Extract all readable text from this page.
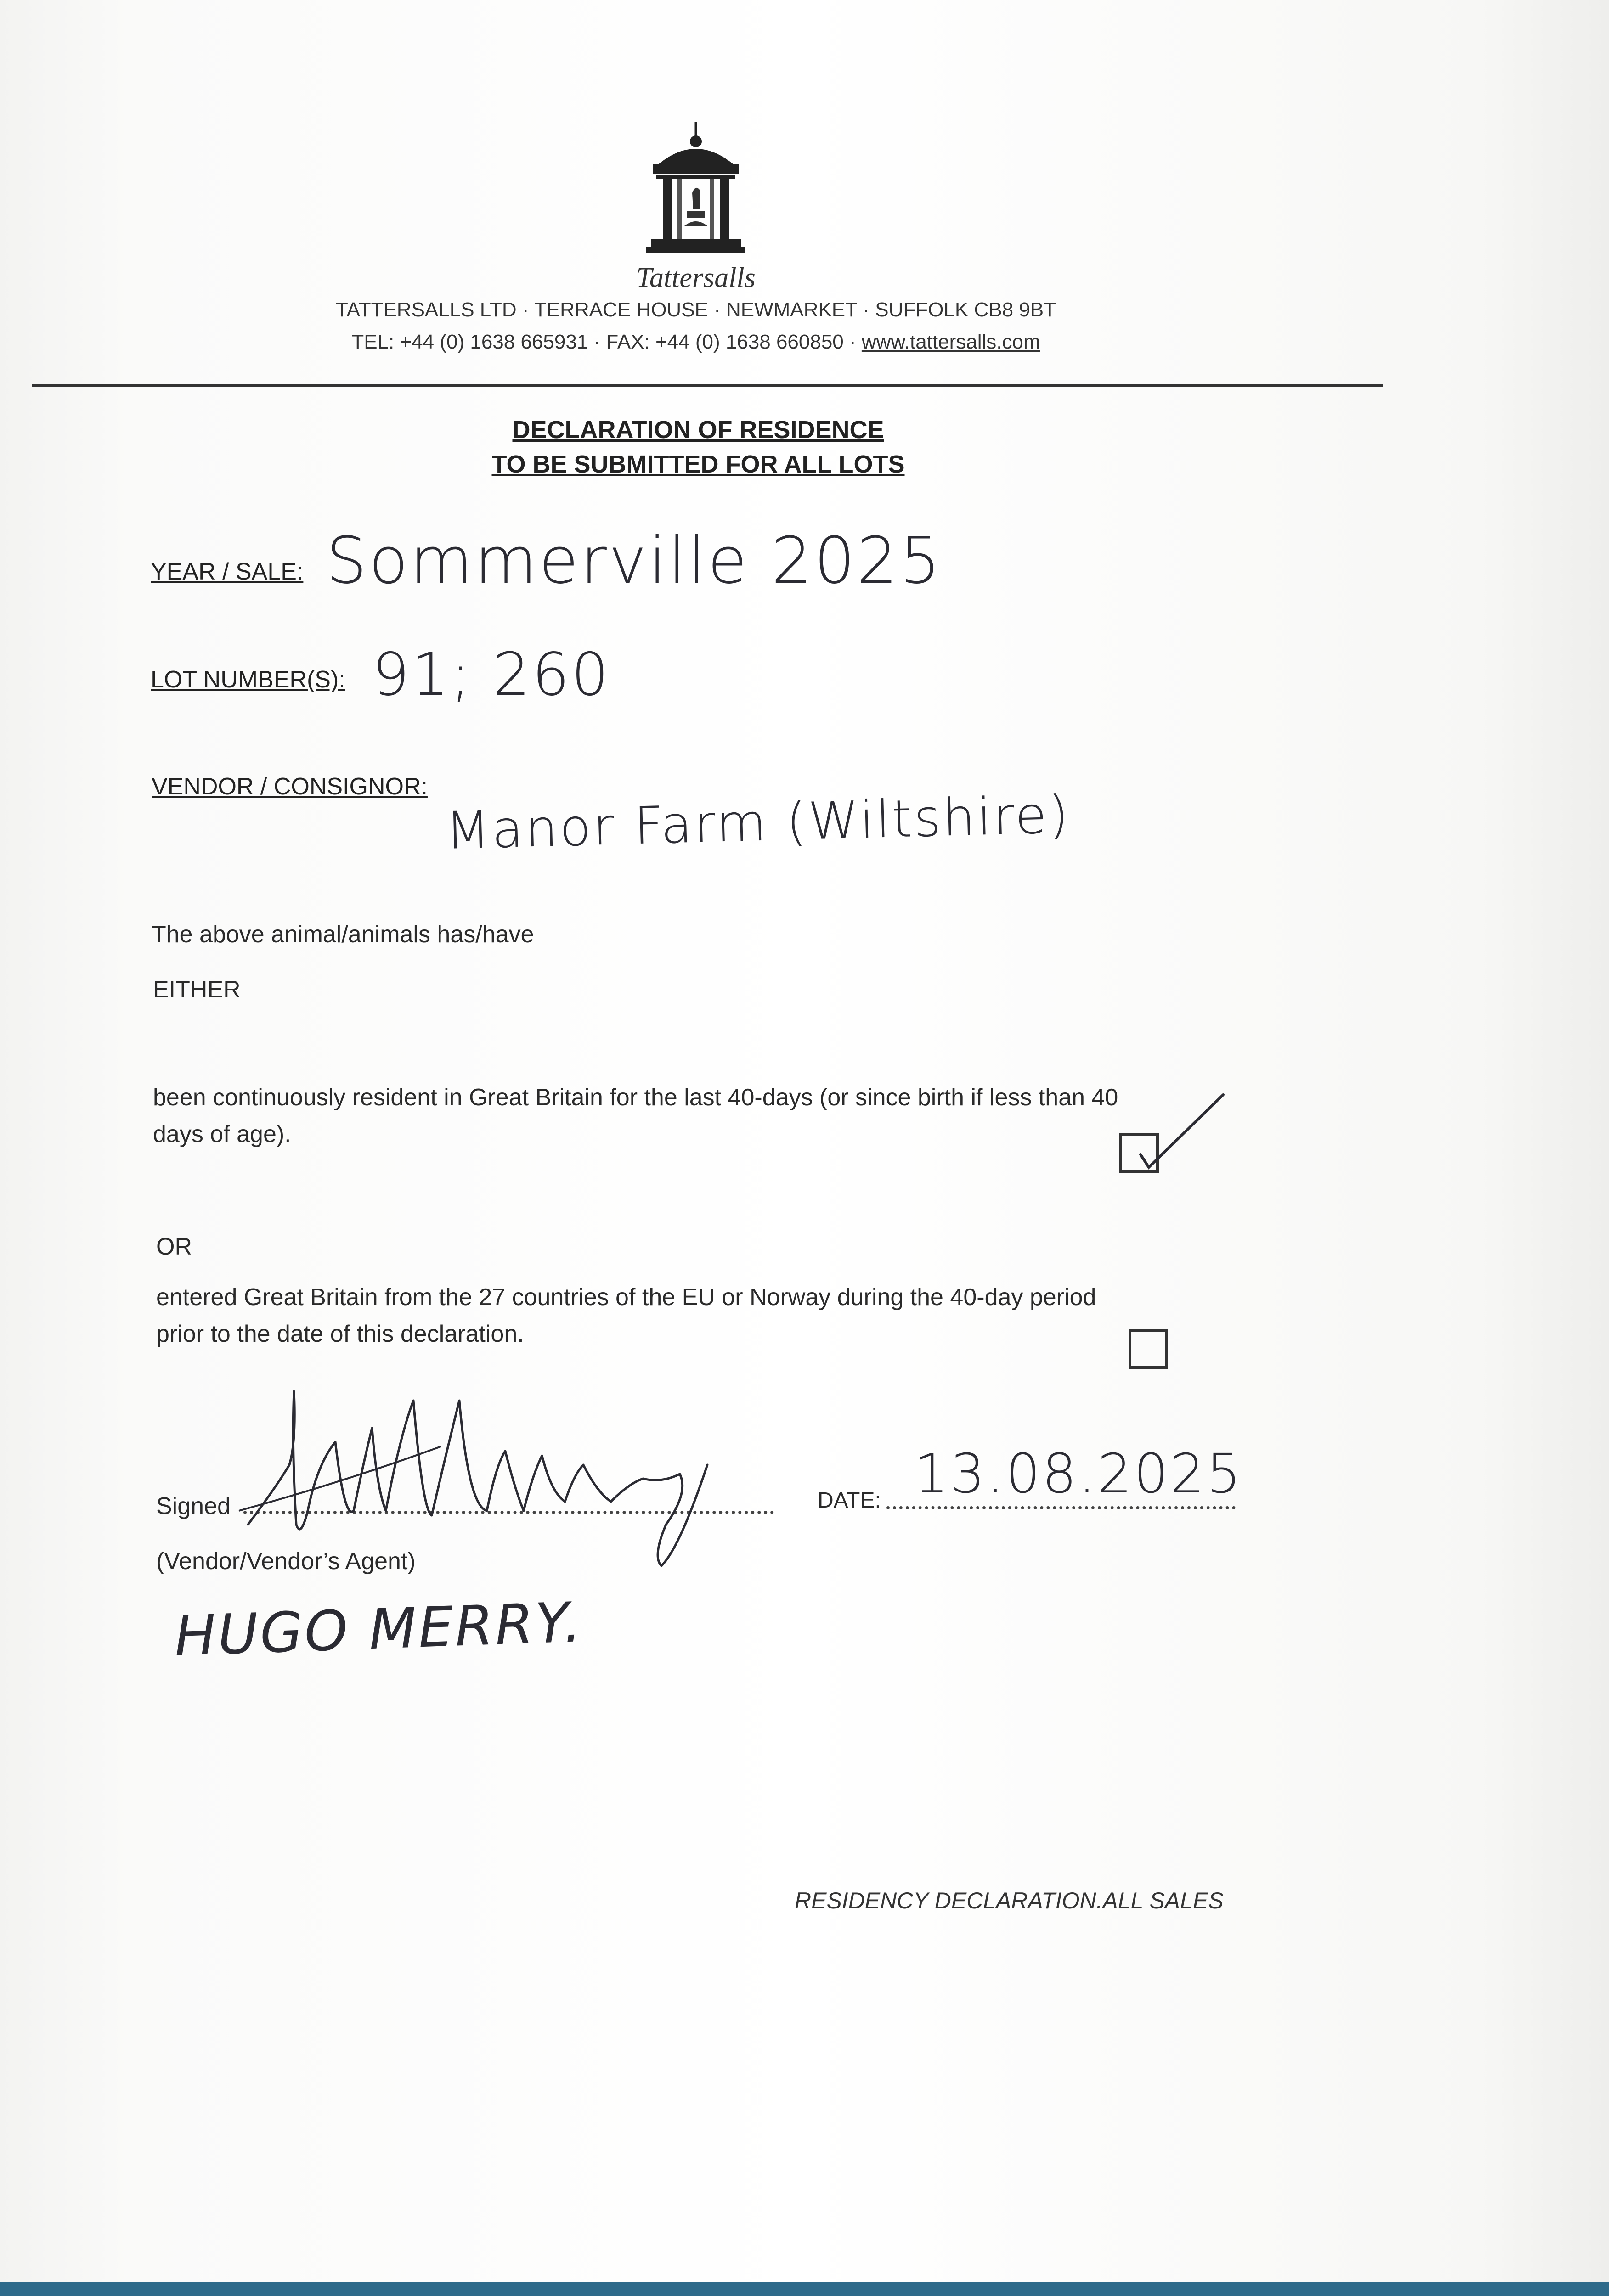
Tattersalls

TATTERSALLS LTD · TERRACE HOUSE · NEWMARKET · SUFFOLK CB8 9BT

TEL: +44 (0) 1638 665931 · FAX: +44 (0) 1638 660850 · www.tattersalls.com

DECLARATION OF RESIDENCE

TO BE SUBMITTED FOR ALL LOTS

YEAR / SALE: Sommerville 2025

LOT NUMBER(S): 91; 260

VENDOR / CONSIGNOR: Manor Farm (Wiltshire)

The above animal/animals has/have

EITHER

been continuously resident in Great Britain for the last 40-days (or since birth if less than 40

days of age).

OR

entered Great Britain from the 27 countries of the EU or Norway during the 40-day period

prior to the date of this declaration.

Signed

(Vendor/Vendor’s Agent)

DATE: 13.08.2025

HUGO MERRY.

RESIDENCY DECLARATION.ALL SALES
